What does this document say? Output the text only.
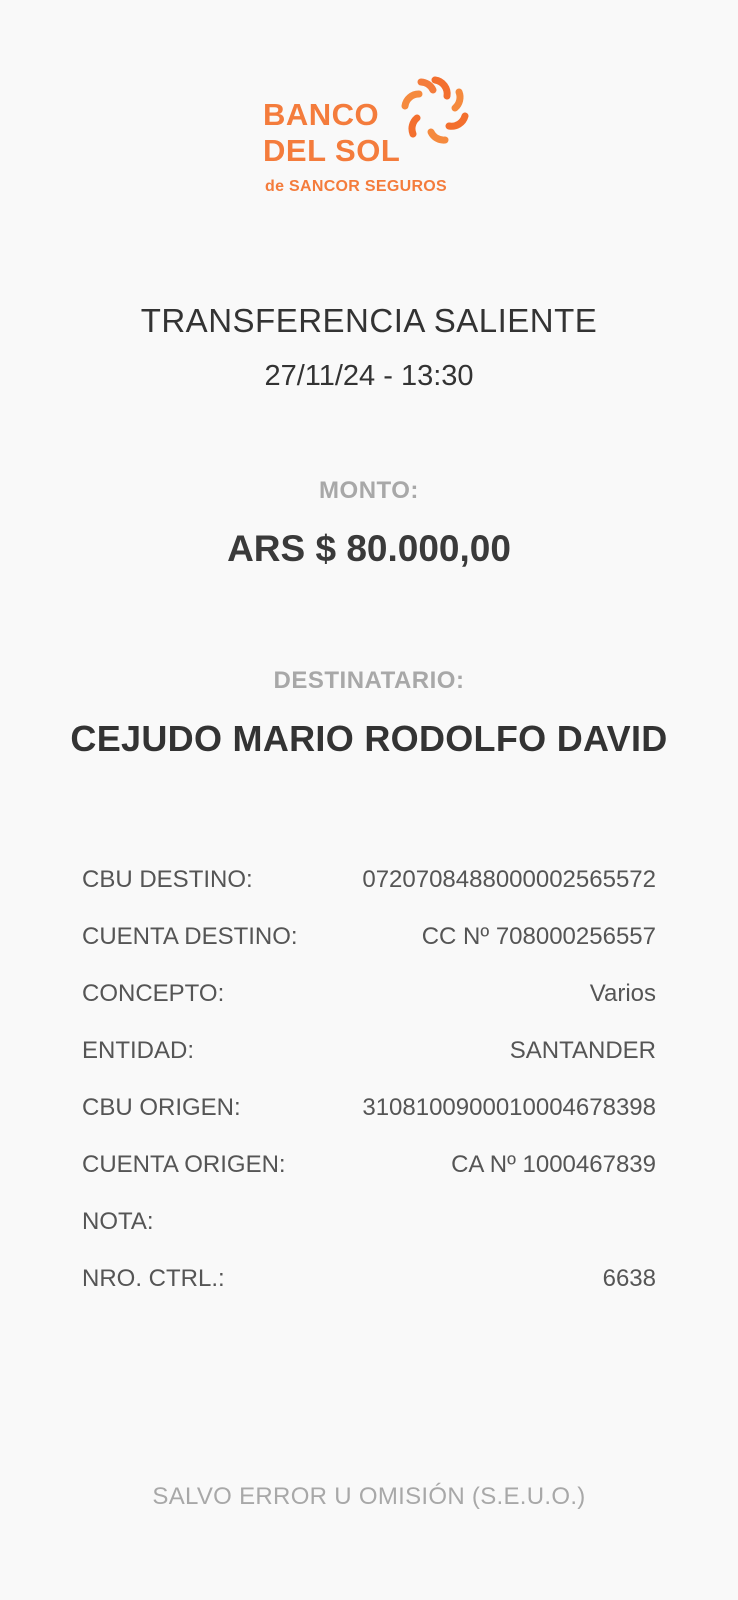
BANCO
DEL SOL
de SANCOR SEGUROS
TRANSFERENCIA SALIENTE
27/11/24 - 13:30
MONTO:
ARS $ 80.000,00
DESTINATARIO:
CEJUDO MARIO RODOLFO DAVID
CBU DESTINO:	0720708488000002565572
CUENTA DESTINO:	CC Nº 708000256557
CONCEPTO:	Varios
ENTIDAD:	SANTANDER
CBU ORIGEN:	3108100900010004678398
CUENTA ORIGEN:	CA Nº 1000467839
NOTA:
NRO. CTRL.:	6638
SALVO ERROR U OMISIÓN (S.E.U.O.)
